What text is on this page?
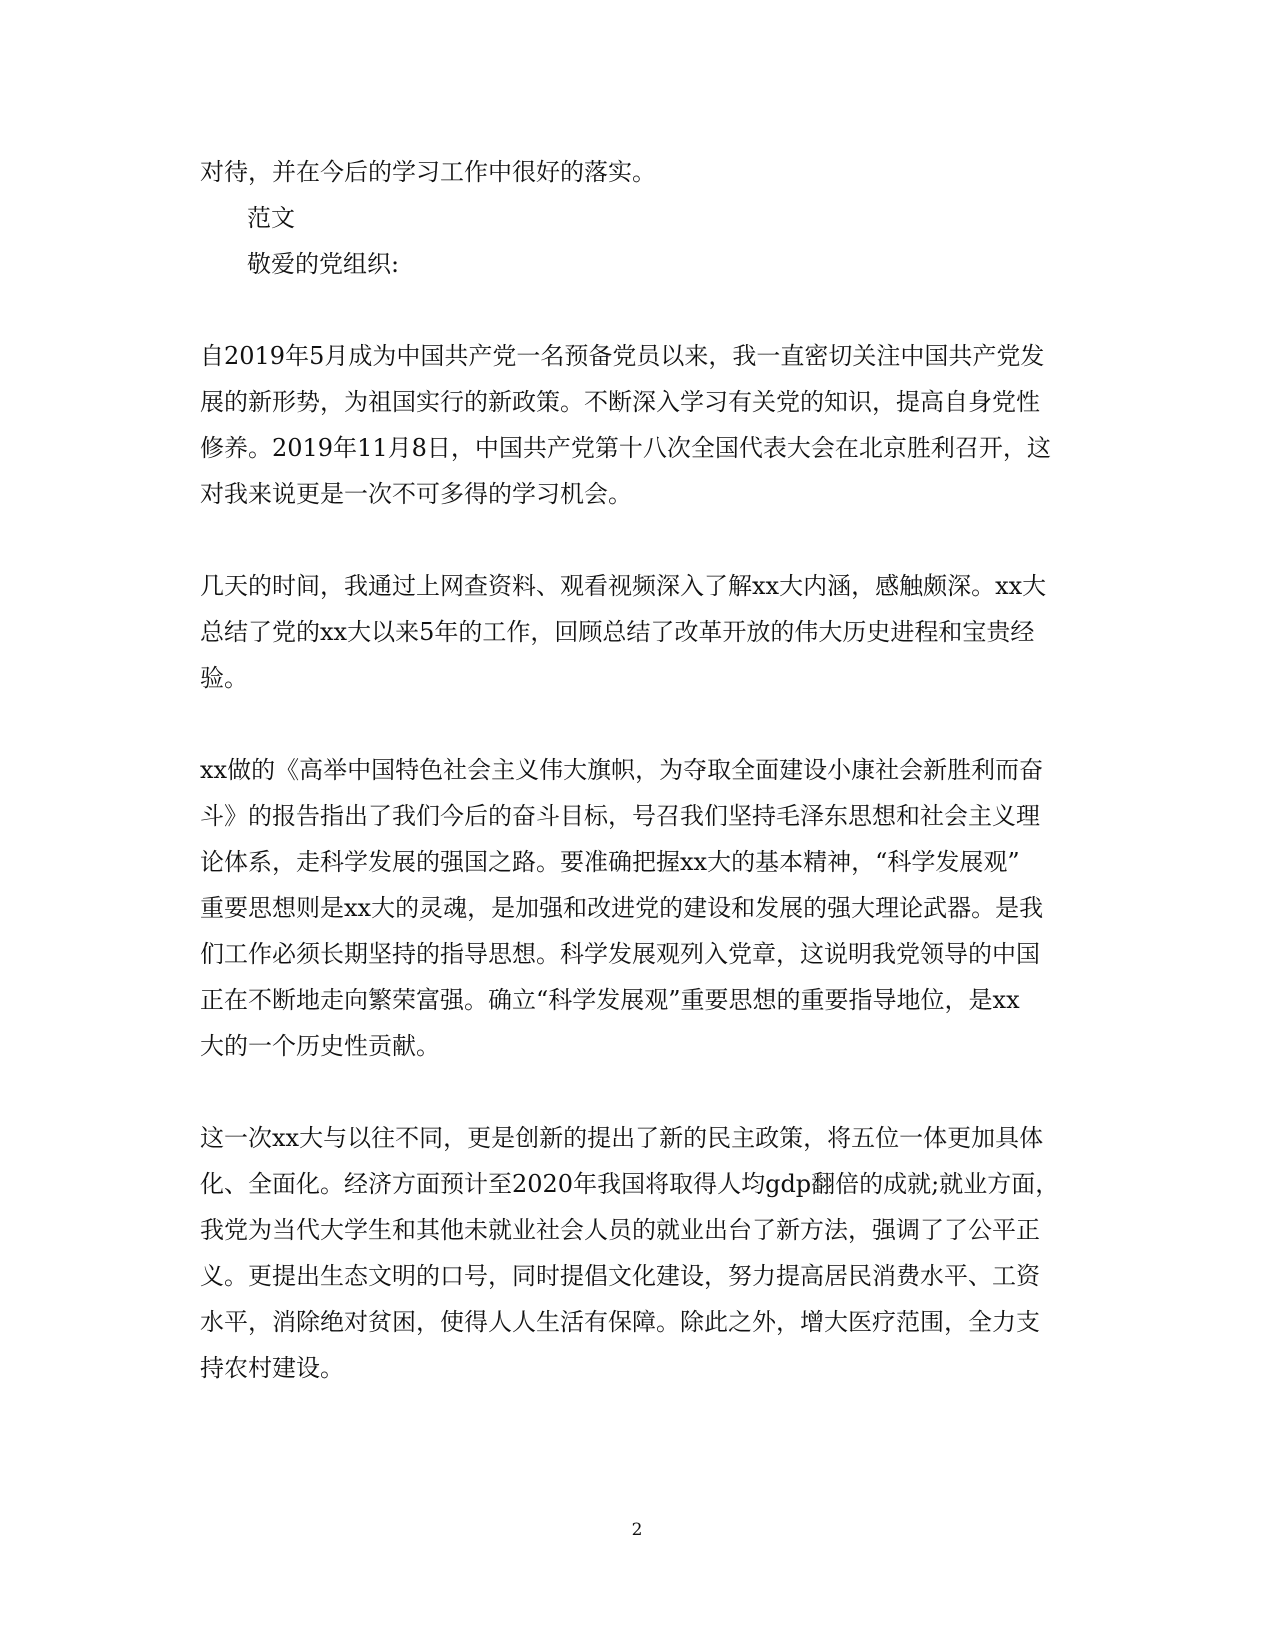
对待，并在今后的学习工作中很好的落实。

范文

敬爱的党组织:

自2019年5月成为中国共产党一名预备党员以来，我一直密切关注中国共产党发

展的新形势，为祖国实行的新政策。不断深入学习有关党的知识，提高自身党性

修养。2019年11月8日，中国共产党第十八次全国代表大会在北京胜利召开，这

对我来说更是一次不可多得的学习机会。

几天的时间，我通过上网查资料、观看视频深入了解xx大内涵，感触颇深。xx大

总结了党的xx大以来5年的工作，回顾总结了改革开放的伟大历史进程和宝贵经

验。

xx做的《高举中国特色社会主义伟大旗帜，为夺取全面建设小康社会新胜利而奋

斗》的报告指出了我们今后的奋斗目标，号召我们坚持毛泽东思想和社会主义理

论体系，走科学发展的强国之路。要准确把握xx大的基本精神，“科学发展观”

重要思想则是xx大的灵魂，是加强和改进党的建设和发展的强大理论武器。是我

们工作必须长期坚持的指导思想。科学发展观列入党章，这说明我党领导的中国

正在不断地走向繁荣富强。确立“科学发展观”重要思想的重要指导地位，是xx

大的一个历史性贡献。

这一次xx大与以往不同，更是创新的提出了新的民主政策，将五位一体更加具体

化、全面化。经济方面预计至2020年我国将取得人均gdp翻倍的成就;就业方面，

我党为当代大学生和其他未就业社会人员的就业出台了新方法，强调了了公平正

义。更提出生态文明的口号，同时提倡文化建设，努力提高居民消费水平、工资

水平，消除绝对贫困，使得人人生活有保障。除此之外，增大医疗范围，全力支

持农村建设。

2
